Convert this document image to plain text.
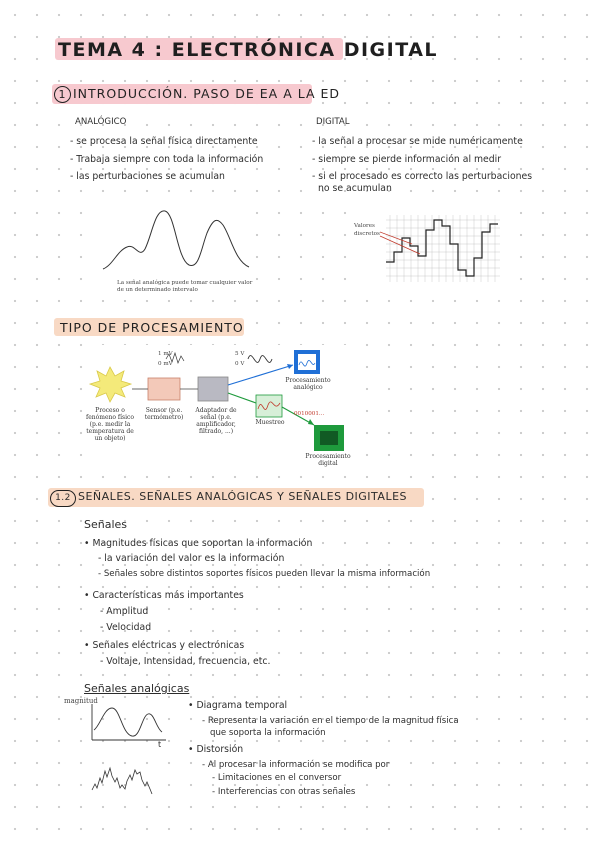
TEMA 4 : ELECTRÓNICA DIGITAL
1 INTRODUCCIÓN. PASO DE EA A LA ED
ANALÓGICO
- se procesa la señal física directamente
- Trabaja siempre con toda la información
- las perturbaciones se acumulan
DIGITAL
- la señal a procesar se mide numéricamente
- siempre se pierde información al medir
- si el procesado es correcto las perturbaciones
no se acumulan
La señal analógica puede tomar cualquier valor de un determinado intervalo
Valores discretos
TIPO DE PROCESAMIENTO
1 mV
0 mV
5 V
0 V
0010001...
Proceso o fenómeno físico (p.e. medir la temperatura de un objeto)
Sensor (p.e. termómetro)
Adaptador de señal (p.e. amplificador, filtrado, ...)
Muestreo
Procesamiento analógico
Procesamiento digital
1.2 SEÑALES. SEÑALES ANALÓGICAS Y SEÑALES DIGITALES
Señales
• Magnitudes físicas que soportan la información
- la variación del valor es la información
- Señales sobre distintos soportes físicos pueden llevar la misma información
• Características más importantes
- Amplitud
- Velocidad
• Señales eléctricas y electrónicas
- Voltaje, Intensidad, frecuencia, etc.
Señales analógicas
magnitud
t
• Diagrama temporal
- Representa la variación en el tiempo de la magnitud física
que soporta la información
• Distorsión
- Al procesar la información se modifica por
- Limitaciones en el conversor
- Interferencias con otras señales
